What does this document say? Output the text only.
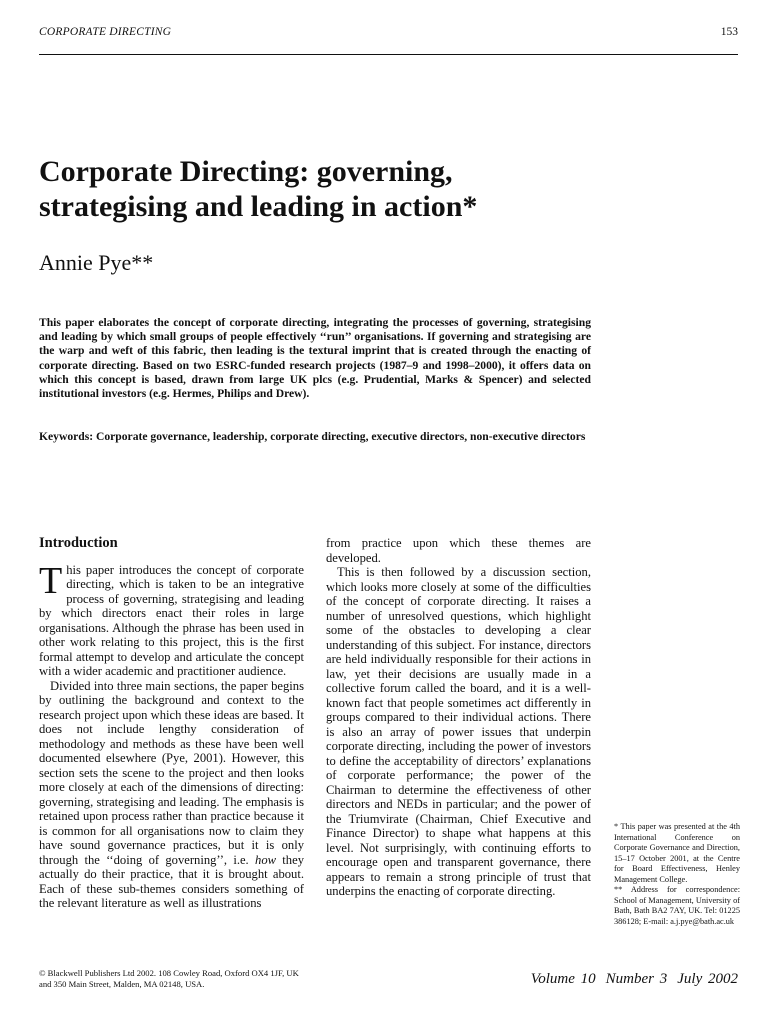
CORPORATE DIRECTING	153
Corporate Directing: governing, strategising and leading in action*
Annie Pye**
This paper elaborates the concept of corporate directing, integrating the processes of governing, strategising and leading by which small groups of people effectively ‘‘run’’ organisations. If governing and strategising are the warp and weft of this fabric, then leading is the textural imprint that is created through the enacting of corporate directing. Based on two ESRC-funded research projects (1987–9 and 1998–2000), it offers data on which this concept is based, drawn from large UK plcs (e.g. Prudential, Marks & Spencer) and selected institutional investors (e.g. Hermes, Philips and Drew).
Keywords: Corporate governance, leadership, corporate directing, executive directors, non-executive directors
Introduction

This paper introduces the concept of corporate directing, which is taken to be an integrative process of governing, strategising and leading by which directors enact their roles in large organisations. Although the phrase has been used in other work relating to this project, this is the first formal attempt to develop and articulate the concept with a wider academic and practitioner audience.

Divided into three main sections, the paper begins by outlining the background and context to the research project upon which these ideas are based. It does not include lengthy consideration of methodology and methods as these have been well documented elsewhere (Pye, 2001). However, this section sets the scene to the project and then looks more closely at each of the dimensions of directing: governing, strategising and leading. The emphasis is retained upon process rather than practice because it is common for all organisations now to claim they have sound governance practices, but it is only through the ‘‘doing of governing’’, i.e. how they actually do their practice, that it is brought about. Each of these sub-themes considers something of the relevant literature as well as illustrations

from practice upon which these themes are developed.

This is then followed by a discussion section, which looks more closely at some of the difficulties of the concept of corporate directing. It raises a number of unresolved questions, which highlight some of the obstacles to developing a clear understanding of this subject. For instance, directors are held individually responsible for their actions in law, yet their decisions are usually made in a collective forum called the board, and it is a well-known fact that people sometimes act differently in groups compared to their individual actions. There is also an array of power issues that underpin corporate directing, including the power of investors to define the acceptability of directors’ explanations of corporate performance; the power of the Chairman to determine the effectiveness of other directors and NEDs in particular; and the power of the Triumvirate (Chairman, Chief Executive and Finance Director) to shape what happens at this level. Not surprisingly, with continuing efforts to encourage open and transparent governance, there appears to remain a strong principle of trust that underpins the enacting of corporate directing.

* This paper was presented at the 4th International Conference on Corporate Governance and Direction, 15–17 October 2001, at the Centre for Board Effectiveness, Henley Management College.

** Address for correspondence: School of Management, University of Bath, Bath BA2 7AY, UK. Tel: 01225 386128; E-mail: a.j.pye@bath.ac.uk

© Blackwell Publishers Ltd 2002. 108 Cowley Road, Oxford OX4 1JF, UK
and 350 Main Street, Malden, MA 02148, USA.	Volume 10 Number 3 July 2002
